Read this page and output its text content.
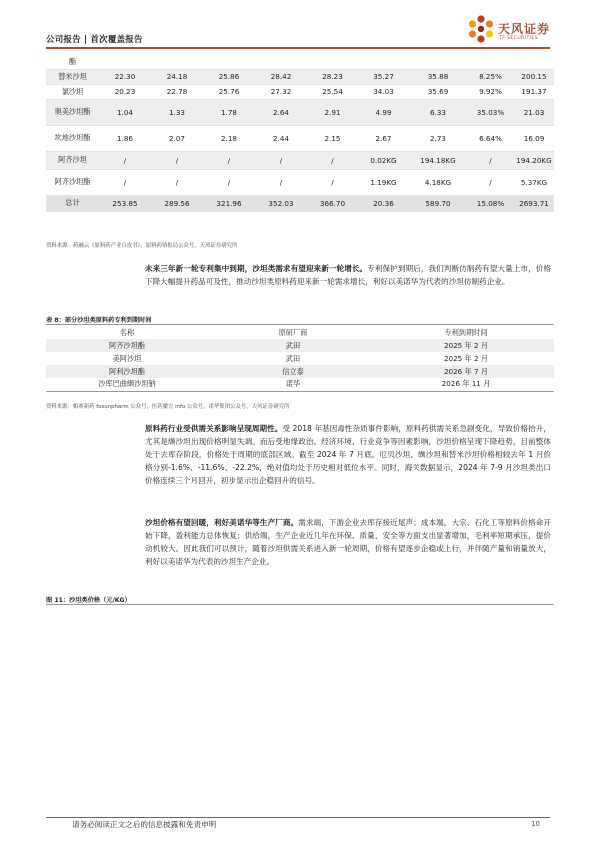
公司报告 | 首次覆盖报告
天风证券
TF SECURITIES
酯									
替米沙坦	22.30	24.18	25.86	28.42	28.23	35.27	35.88	8.25%	200.15
氯沙坦	20.23	22.78	25.76	27.32	25.54	34.03	35.69	9.92%	191.37
奥美沙坦酯	1.04	1.33	1.78	2.64	2.91	4.99	6.33	35.03%	21.03
坎地沙坦酯	1.86	2.07	2.18	2.44	2.15	2.67	2.73	6.64%	16.09
阿齐沙坦	/	/	/	/	/	0.02KG	194.18KG	/	194.20KG
阿齐沙坦酯	/	/	/	/	/	1.19KG	4.18KG	/	5.37KG
总计	253.85	289.56	321.96	352.03	366.70	20.36	589.70	15.08%	2693.71
资料来源：药融云《原料药产业白皮书》，原料药情报局公众号，天风证券研究所
未来三年新一轮专利集中到期，沙坦类需求有望迎来新一轮增长。专利保护到期后，我们判断仿制药有望大量上市，价格下降大幅提升药品可及性，推动沙坦类原料药迎来新一轮需求增长，利好以美诺华为代表的沙坦仿制药企业。
表 8：部分沙坦类原料药专利到期时间
名称	原研厂商	专利到期时间
阿齐沙坦酯	武田	2025 年 2 月
美阿沙坦	武田	2025 年 2 月
阿利沙坦酯	信立泰	2026 年 7 月
沙库巴曲缬沙坦钠	诺华	2026 年 11 月
资料来源：帕赛新药 fosunpharm 公众号，医药魔方 info 公众号，诺华集团公众号，天风证券研究所
原料药行业受供需关系影响呈现周期性。受 2018 年基因毒性杂质事件影响，原料药供需关系急剧变化，导致价格抬升，尤其是缬沙坦出现价格明显失调。而后受地缘政治、经济环境、行业竞争等因素影响，沙坦价格呈现下降趋势，目前整体处于去库存阶段，价格处于周期的底部区域。截至 2024 年 7 月底，厄贝沙坦、缬沙坦和替米沙坦价格相较去年 1 月价格分别-1.6%、-11.6%、-22.2%，绝对值均处于历史相对低位水平。同时，海关数据显示，2024 年 7-9 月沙坦类出口价格连续三个月回升，初步显示出企稳回升的信号。
沙坦价格有望回暖，利好美诺华等生产厂商。需求端，下游企业去库存接近尾声；成本端，大宗、石化工等原料价格命开始下降，盈利能力总体恢复；供给端，生产企业近几年在环保、质量、安全等方面支出显著增加，毛利率短期承压，提价动机较大。因此我们可以预计，随着沙坦供需关系进入新一轮周期，价格有望逐步企稳或上行，并伴随产量和销量放大，利好以美诺华为代表的沙坦生产企业。
图 11：沙坦类价格（元/KG）
请务必阅读正文之后的信息披露和免责申明	10
